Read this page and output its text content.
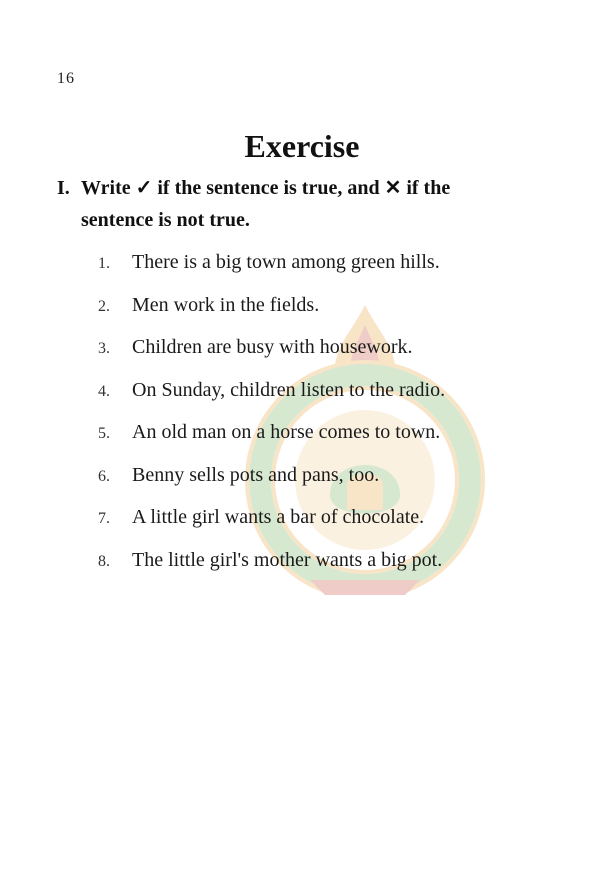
16
Exercise
I. Write ✓ if the sentence is true, and ✕ if the
sentence is not true.
1. There is a big town among green hills.
2. Men work in the fields.
3. Children are busy with housework.
4. On Sunday, children listen to the radio.
5. An old man on a horse comes to town.
6. Benny sells pots and pans, too.
7. A little girl wants a bar of chocolate.
8. The little girl's mother wants a big pot.
